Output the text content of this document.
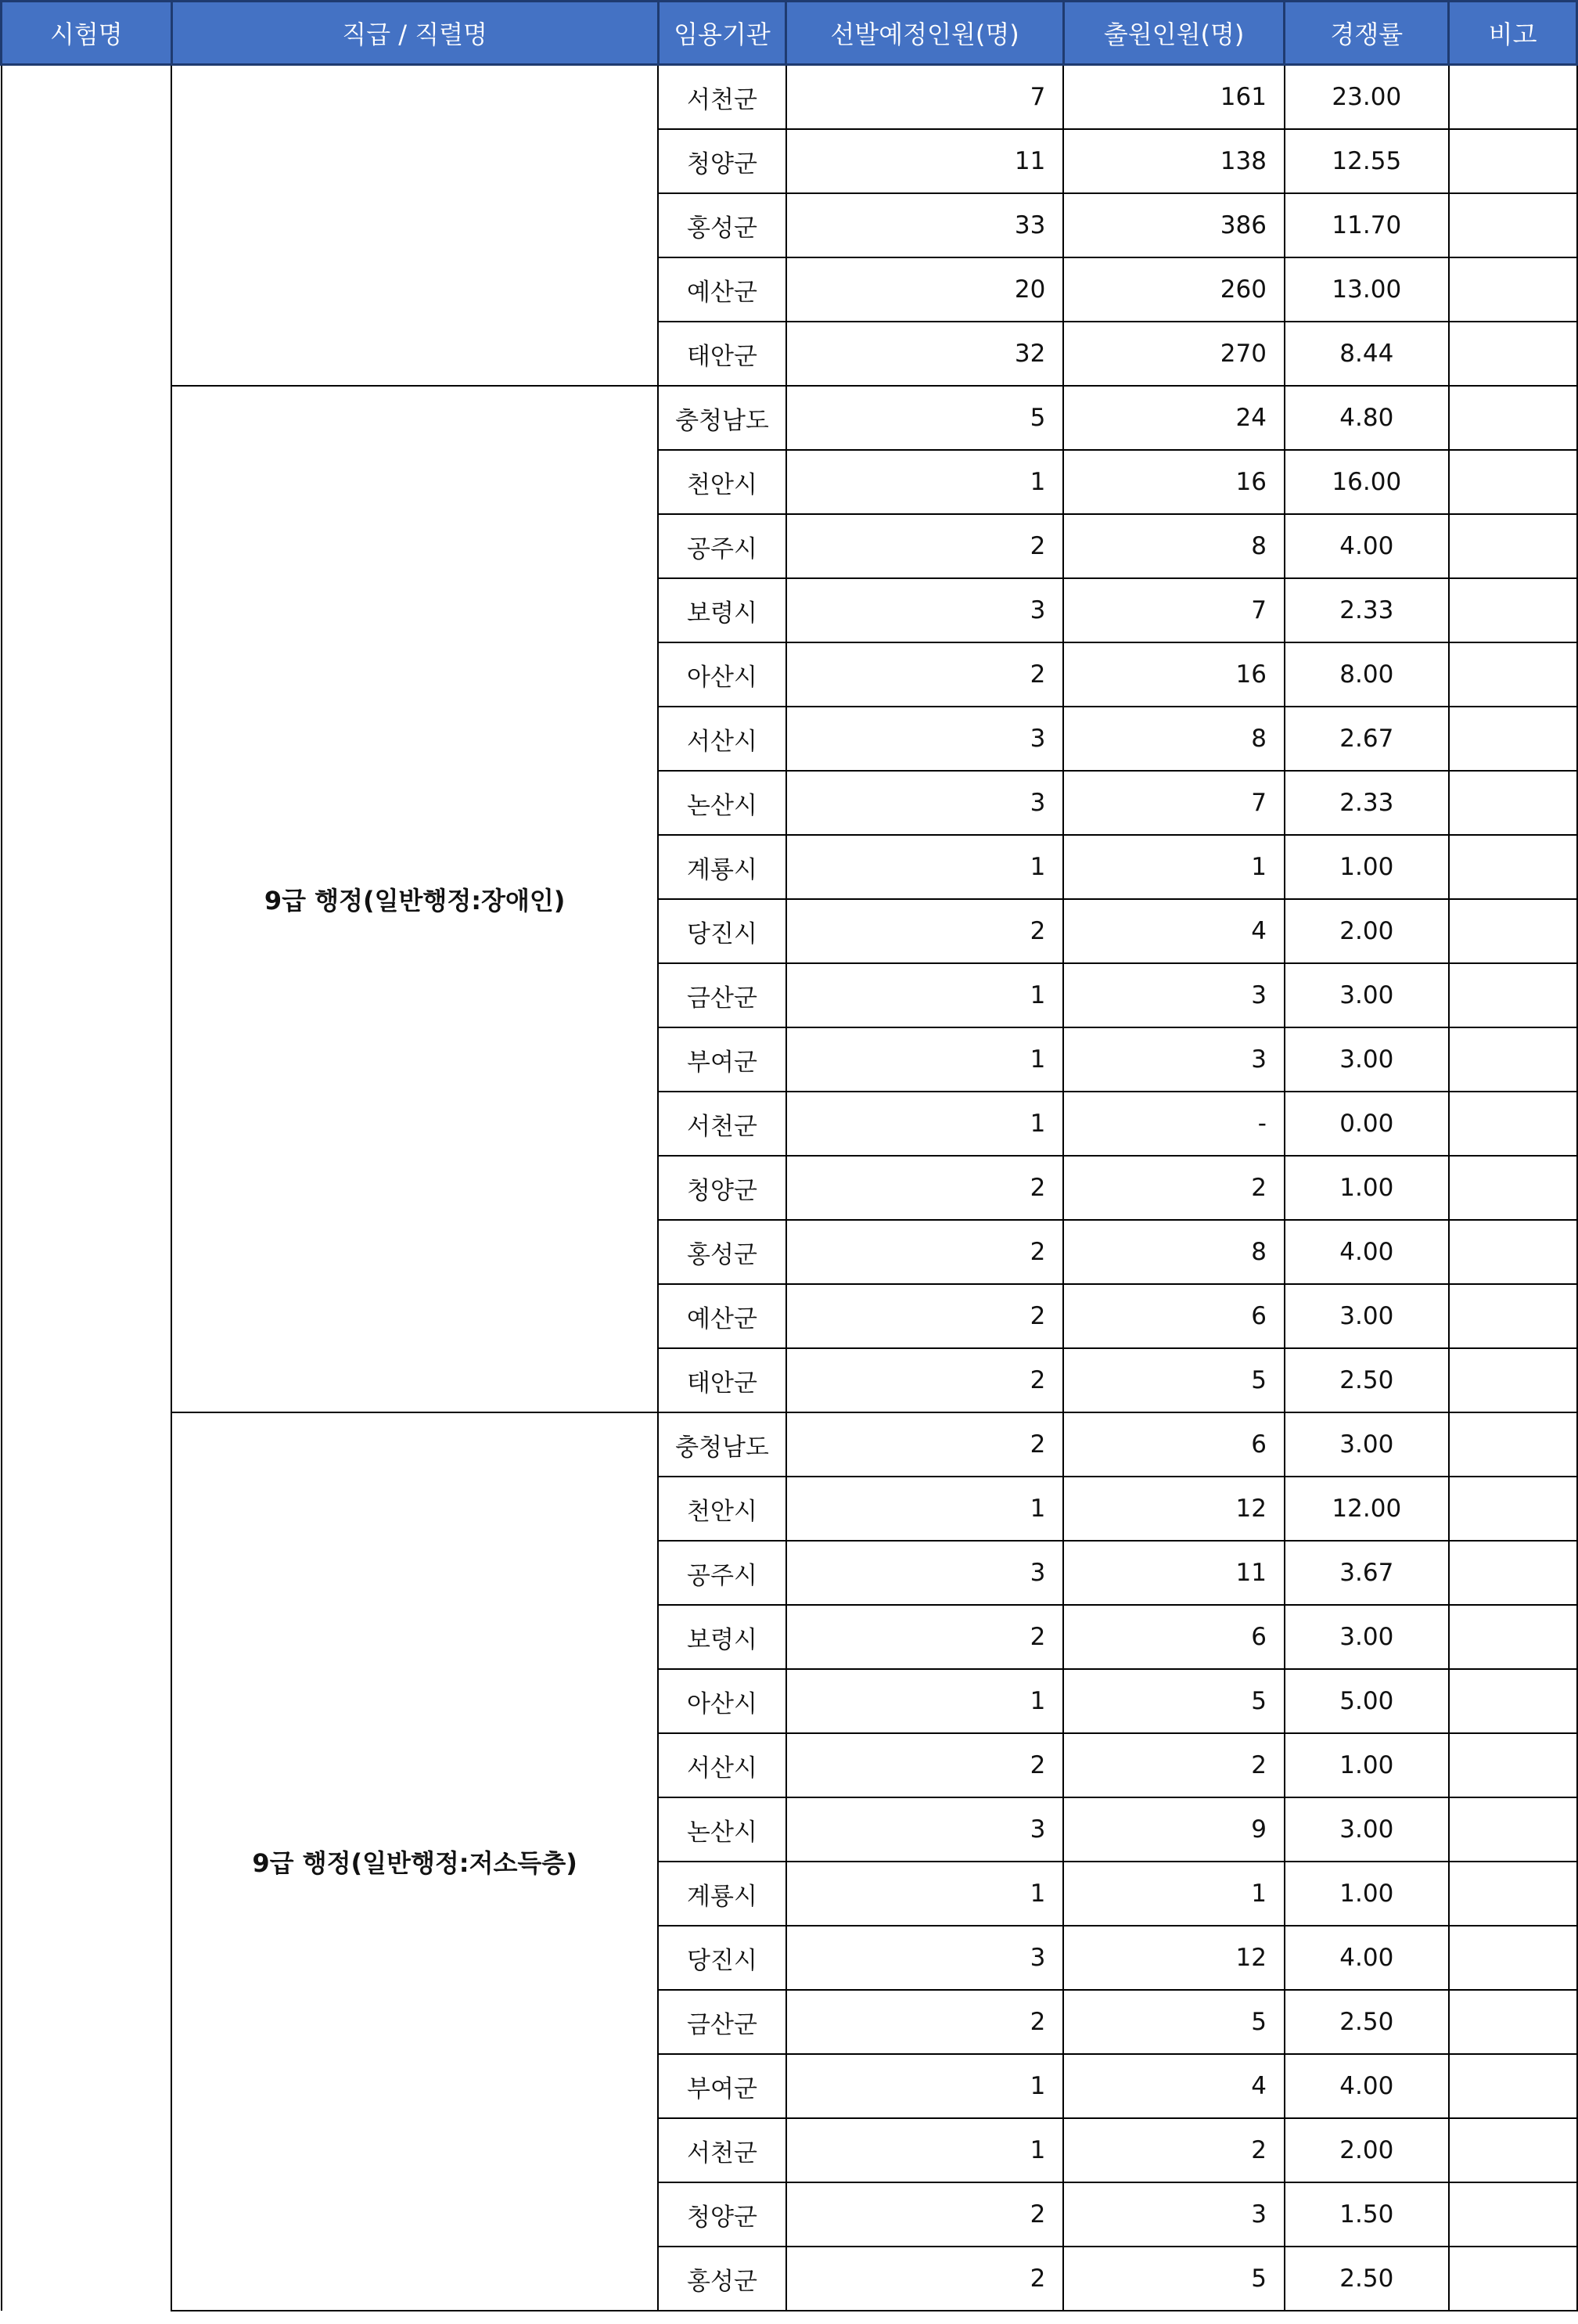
시험명	직급 / 직렬명	임용기관	선발예정인원(명)	출원인원(명)	경쟁률	비고
		서천군	7	161	23.00	
		청양군	11	138	12.55	
		홍성군	33	386	11.70	
		예산군	20	260	13.00	
		태안군	32	270	8.44	
	9급 행정(일반행정:장애인)	충청남도	5	24	4.80	
		천안시	1	16	16.00	
		공주시	2	8	4.00	
		보령시	3	7	2.33	
		아산시	2	16	8.00	
		서산시	3	8	2.67	
		논산시	3	7	2.33	
		계룡시	1	1	1.00	
		당진시	2	4	2.00	
		금산군	1	3	3.00	
		부여군	1	3	3.00	
		서천군	1	-	0.00	
		청양군	2	2	1.00	
		홍성군	2	8	4.00	
		예산군	2	6	3.00	
		태안군	2	5	2.50	
	9급 행정(일반행정:저소득층)	충청남도	2	6	3.00	
		천안시	1	12	12.00	
		공주시	3	11	3.67	
		보령시	2	6	3.00	
		아산시	1	5	5.00	
		서산시	2	2	1.00	
		논산시	3	9	3.00	
		계룡시	1	1	1.00	
		당진시	3	12	4.00	
		금산군	2	5	2.50	
		부여군	1	4	4.00	
		서천군	1	2	2.00	
		청양군	2	3	1.50	
		홍성군	2	5	2.50	
